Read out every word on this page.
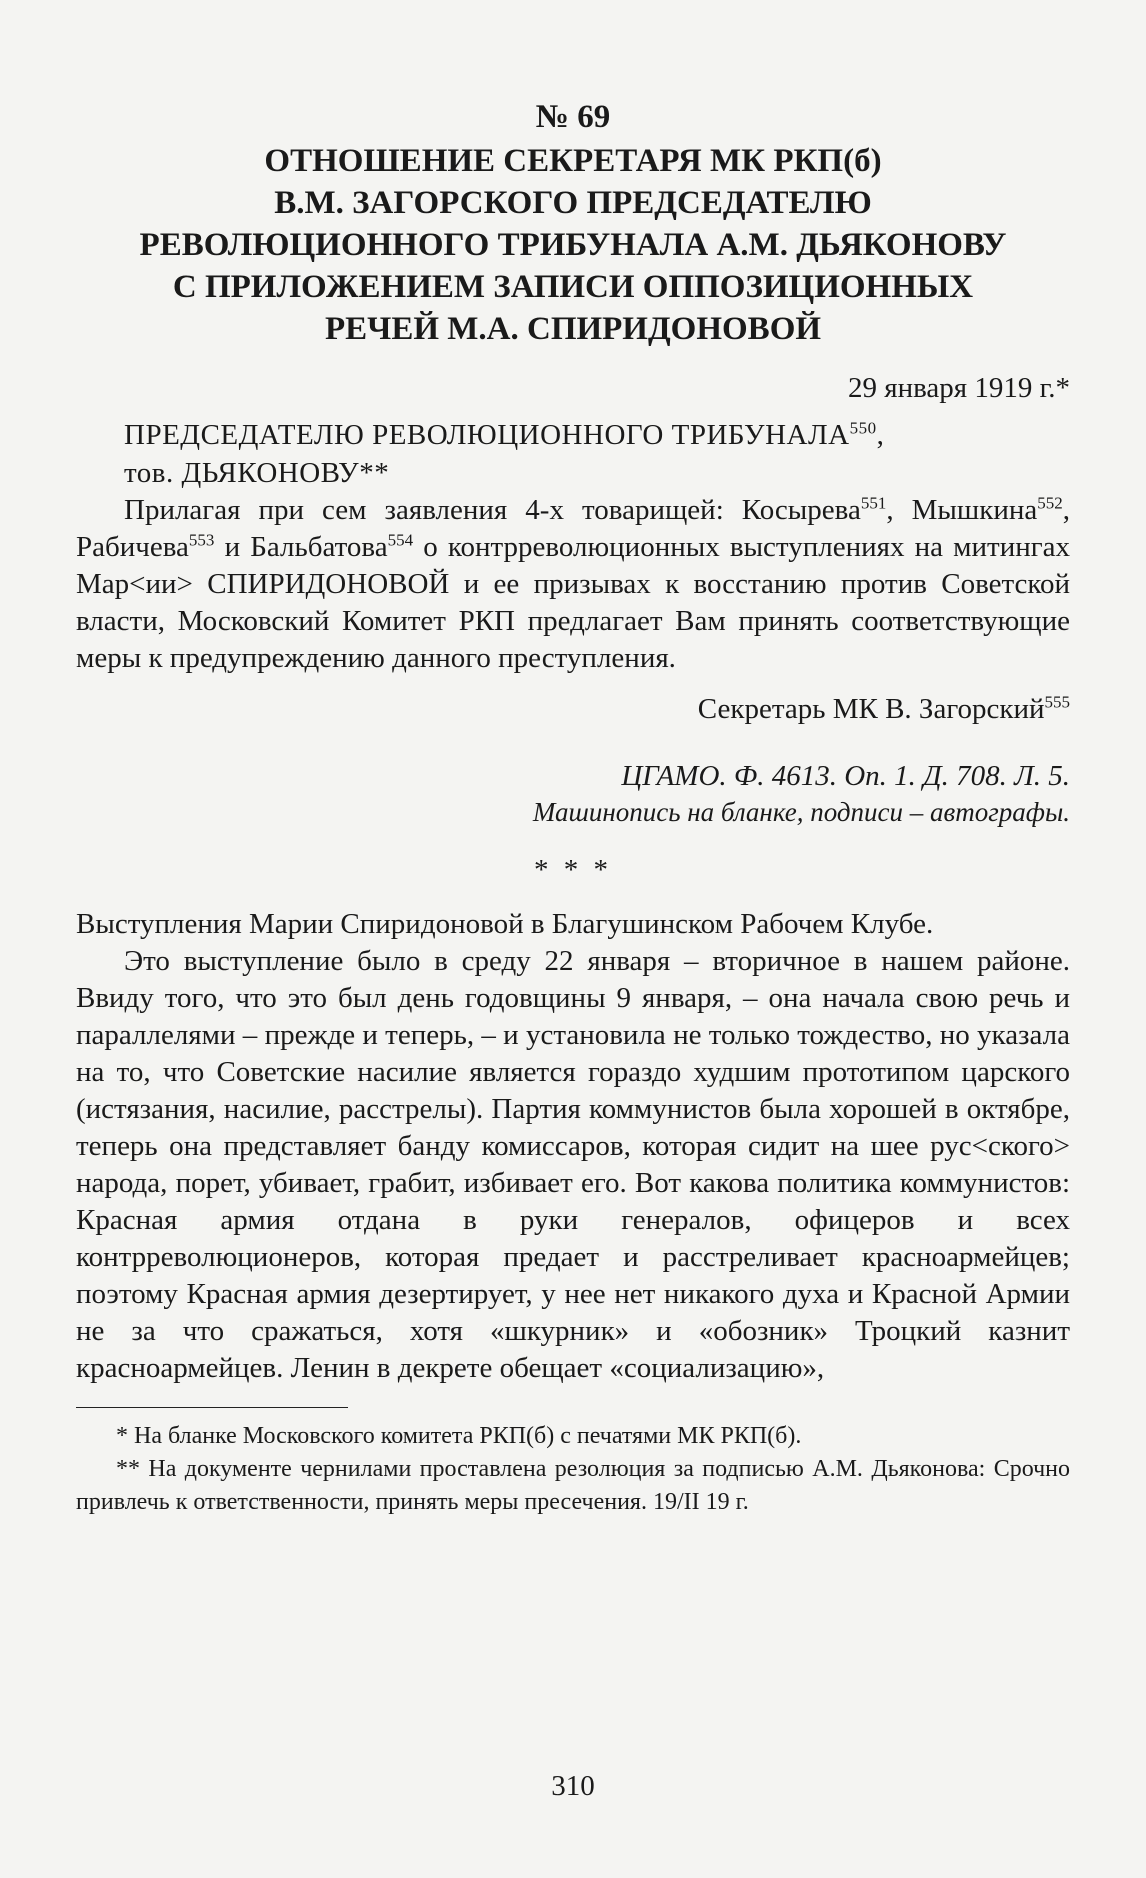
№ 69
ОТНОШЕНИЕ СЕКРЕТАРЯ МК РКП(б)
В.М. ЗАГОРСКОГО ПРЕДСЕДАТЕЛЮ
РЕВОЛЮЦИОННОГО ТРИБУНАЛА А.М. ДЬЯКОНОВУ
С ПРИЛОЖЕНИЕМ ЗАПИСИ ОППОЗИЦИОННЫХ
РЕЧЕЙ М.А. СПИРИДОНОВОЙ
29 января 1919 г.*
ПРЕДСЕДАТЕЛЮ РЕВОЛЮЦИОННОГО ТРИБУНАЛА$^{550}$,
тов. ДЬЯКОНОВУ**

Прилагая при сем заявления 4-х товарищей: Косырева$^{551}$, Мышкина$^{552}$, Рабичева$^{553}$ и Бальбатова$^{554}$ о контрреволюционных выступлениях на митингах Мар<ии> СПИРИДОНОВОЙ и ее призывах к восстанию против Советской власти, Московский Комитет РКП предлагает Вам принять соответствующие меры к предупреждению данного преступления.

Секретарь МК В. Загорский$^{555}$
ЦГАМО. Ф. 4613. Оп. 1. Д. 708. Л. 5.
Машинопись на бланке, подписи – автографы.
* * *

Выступления Марии Спиридоновой в Благушинском Рабочем Клубе.

Это выступление было в среду 22 января – вторичное в нашем районе. Ввиду того, что это был день годовщины 9 января, – она начала свою речь и параллелями – прежде и теперь, – и установила не только тождество, но указала на то, что Советские насилие является гораздо худшим прототипом царского (истязания, насилие, расстрелы). Партия коммунистов была хорошей в октябре, теперь она представляет банду комиссаров, которая сидит на шее рус<ского> народа, порет, убивает, грабит, избивает его. Вот какова политика коммунистов: Красная армия отдана в руки генералов, офицеров и всех контрреволюционеров, которая предает и расстреливает красноармейцев; поэтому Красная армия дезертирует, у нее нет никакого духа и Красной Армии не за что сражаться, хотя «шкурник» и «обозник» Троцкий казнит красноармейцев. Ленин в декрете обещает «социализацию»,

* На бланке Московского комитета РКП(б) с печатями МК РКП(б).

** На документе чернилами проставлена резолюция за подписью А.М. Дьяконова: Срочно привлечь к ответственности, принять меры пресечения. 19/II 19 г.

310
